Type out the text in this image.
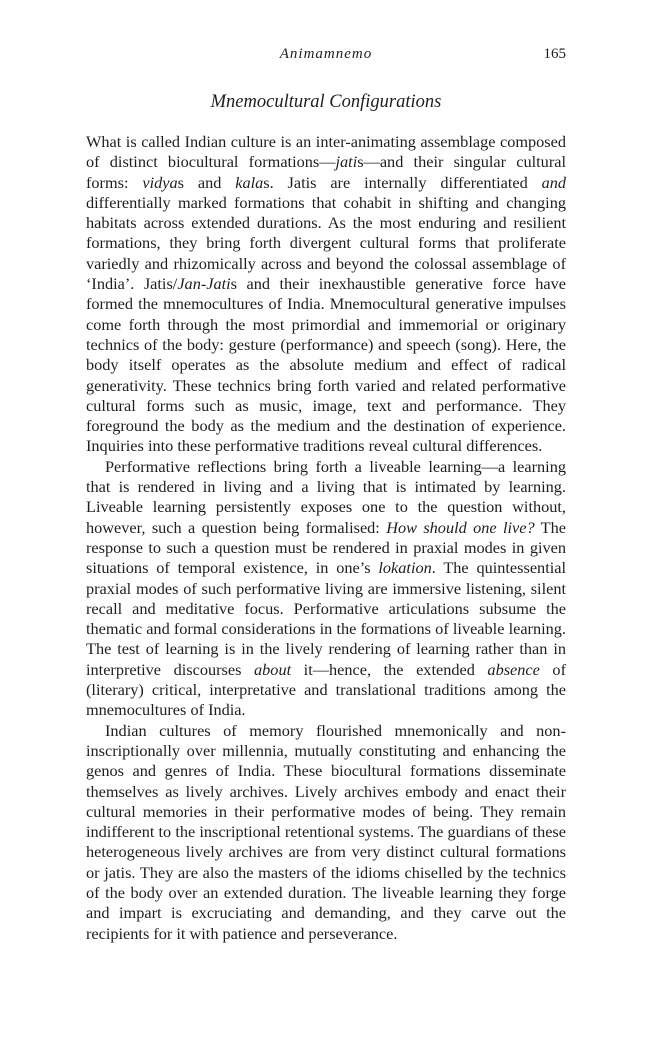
Animamnemo	165
Mnemocultural Configurations

What is called Indian culture is an inter-animating assemblage composed of distinct biocultural formations—jatis—and their singular cultural forms: vidyas and kalas. Jatis are internally differentiated and differentially marked formations that cohabit in shifting and changing habitats across extended durations. As the most enduring and resilient formations, they bring forth divergent cultural forms that proliferate variedly and rhizomically across and beyond the colossal assemblage of ‘India’. Jatis/Jan-Jatis and their inexhaustible generative force have formed the mnemocultures of India. Mnemocultural generative impulses come forth through the most primordial and immemorial or originary technics of the body: gesture (performance) and speech (song). Here, the body itself operates as the absolute medium and effect of radical generativity. These technics bring forth varied and related performative cultural forms such as music, image, text and performance. They foreground the body as the medium and the destination of experience. Inquiries into these performative traditions reveal cultural differences.

Performative reflections bring forth a liveable learning—a learning that is rendered in living and a living that is intimated by learning. Liveable learning persistently exposes one to the question without, however, such a question being formalised: How should one live? The response to such a question must be rendered in praxial modes in given situations of temporal existence, in one’s lokation. The quintessential praxial modes of such performative living are immersive listening, silent recall and meditative focus. Performative articulations subsume the thematic and formal considerations in the formations of liveable learning. The test of learning is in the lively rendering of learning rather than in interpretive discourses about it—hence, the extended absence of (literary) critical, interpretative and translational traditions among the mnemocultures of India.

Indian cultures of memory flourished mnemonically and non-inscriptionally over millennia, mutually constituting and enhancing the genos and genres of India. These biocultural formations disseminate themselves as lively archives. Lively archives embody and enact their cultural memories in their performative modes of being. They remain indifferent to the inscriptional retentional systems. The guardians of these heterogeneous lively archives are from very distinct cultural formations or jatis. They are also the masters of the idioms chiselled by the technics of the body over an extended duration. The liveable learning they forge and impart is excruciating and demanding, and they carve out the recipients for it with patience and perseverance.
